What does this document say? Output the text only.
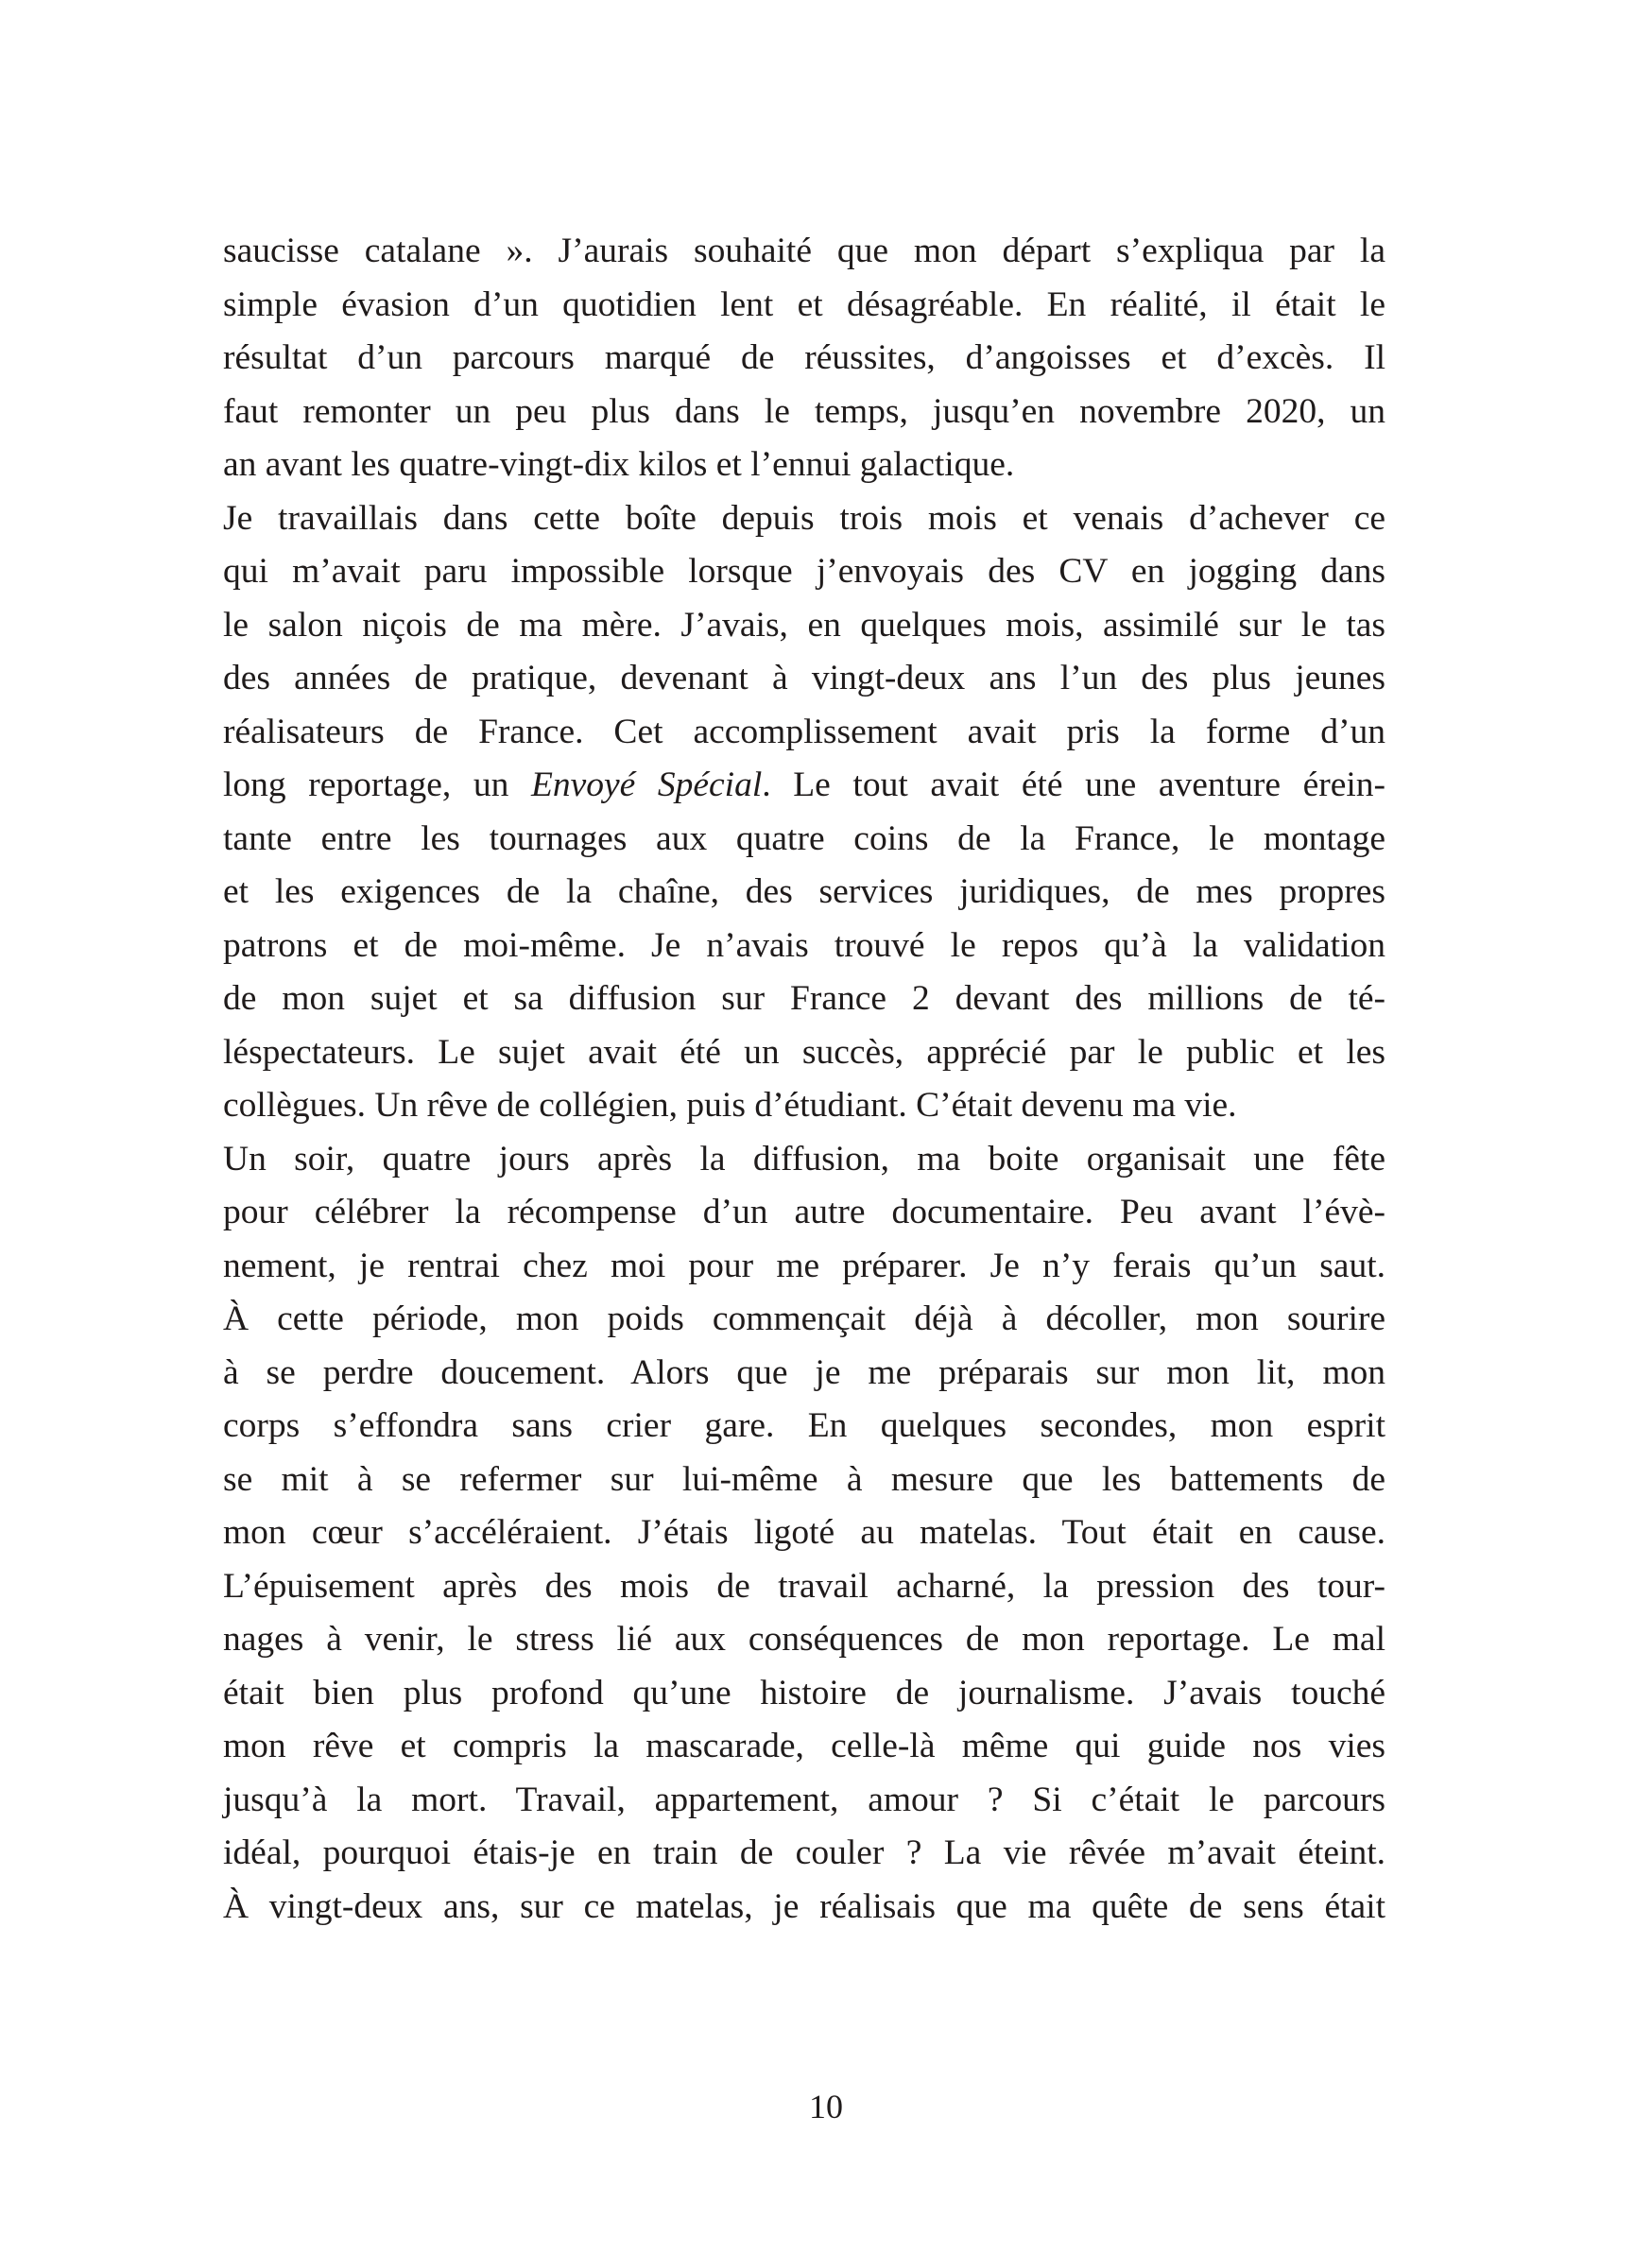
saucisse catalane ». J’aurais souhaité que mon départ s’expliqua par la
simple évasion d’un quotidien lent et désagréable. En réalité, il était le
résultat d’un parcours marqué de réussites, d’angoisses et d’excès. Il
faut remonter un peu plus dans le temps, jusqu’en novembre 2020, un
an avant les quatre-vingt-dix kilos et l’ennui galactique.
Je travaillais dans cette boîte depuis trois mois et venais d’achever ce
qui m’avait paru impossible lorsque j’envoyais des CV en jogging dans
le salon niçois de ma mère. J’avais, en quelques mois, assimilé sur le tas
des années de pratique, devenant à vingt-deux ans l’un des plus jeunes
réalisateurs de France. Cet accomplissement avait pris la forme d’un
long reportage, un Envoyé Spécial. Le tout avait été une aventure érein-
tante entre les tournages aux quatre coins de la France, le montage
et les exigences de la chaîne, des services juridiques, de mes propres
patrons et de moi-même. Je n’avais trouvé le repos qu’à la validation
de mon sujet et sa diffusion sur France 2 devant des millions de té-
léspectateurs. Le sujet avait été un succès, apprécié par le public et les
collègues. Un rêve de collégien, puis d’étudiant. C’était devenu ma vie.
Un soir, quatre jours après la diffusion, ma boite organisait une fête
pour célébrer la récompense d’un autre documentaire. Peu avant l’évè-
nement, je rentrai chez moi pour me préparer. Je n’y ferais qu’un saut.
À cette période, mon poids commençait déjà à décoller, mon sourire
à se perdre doucement. Alors que je me préparais sur mon lit, mon
corps s’effondra sans crier gare. En quelques secondes, mon esprit
se mit à se refermer sur lui-même à mesure que les battements de
mon cœur s’accéléraient. J’étais ligoté au matelas. Tout était en cause.
L’épuisement après des mois de travail acharné, la pression des tour-
nages à venir, le stress lié aux conséquences de mon reportage. Le mal
était bien plus profond qu’une histoire de journalisme. J’avais touché
mon rêve et compris la mascarade, celle-là même qui guide nos vies
jusqu’à la mort. Travail, appartement, amour ? Si c’était le parcours
idéal, pourquoi étais-je en train de couler ? La vie rêvée m’avait éteint.
À vingt-deux ans, sur ce matelas, je réalisais que ma quête de sens était
10
